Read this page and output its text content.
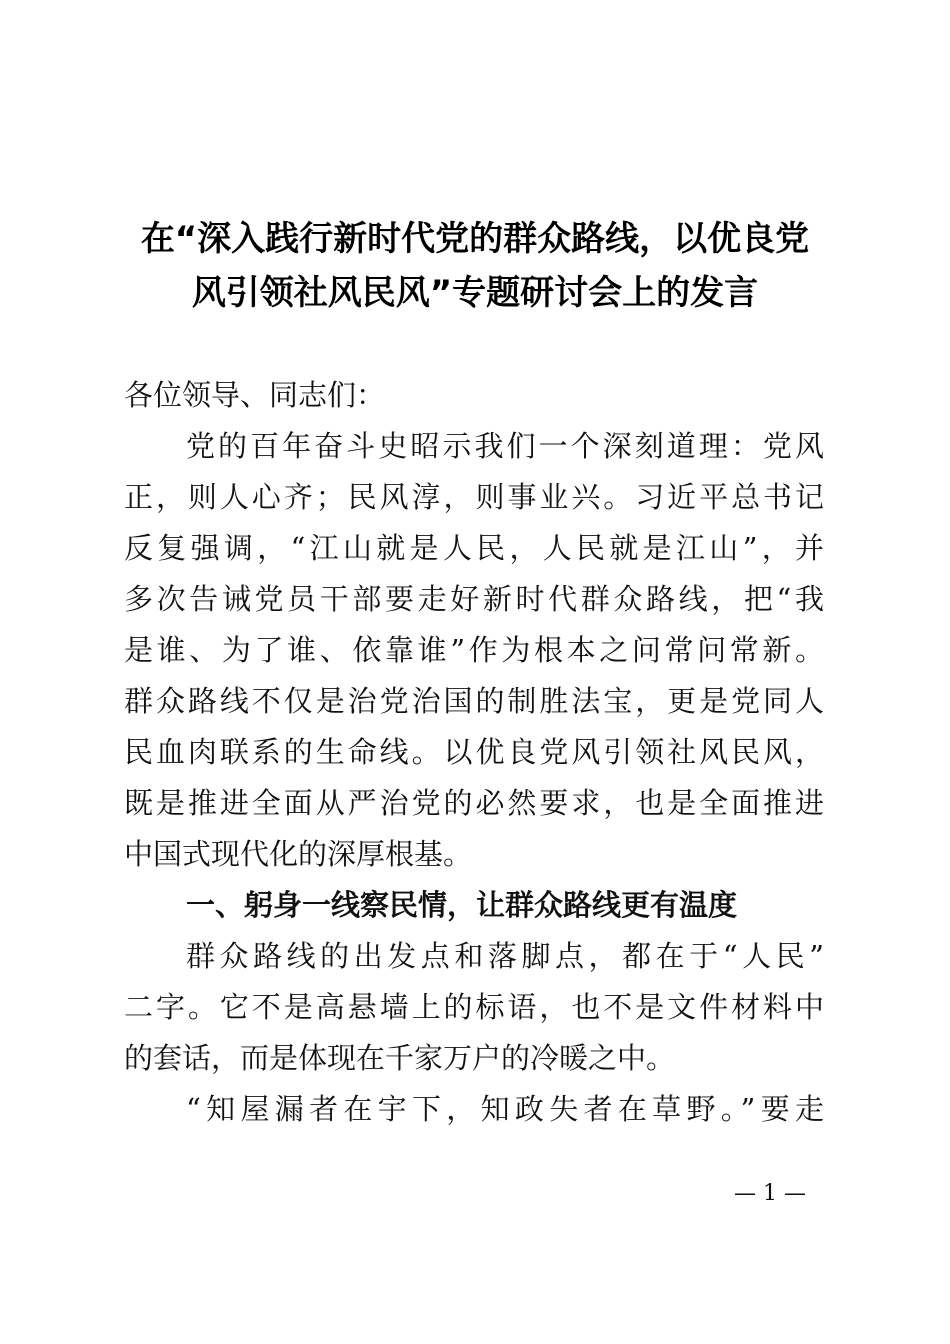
在“深入践行新时代党的群众路线，以优良党
风引领社风民风”专题研讨会上的发言
各位领导、同志们：
党的百年奋斗史昭示我们一个深刻道理：党风
正，则人心齐；民风淳，则事业兴。习近平总书记
反复强调，“江山就是人民，人民就是江山”，并
多次告诫党员干部要走好新时代群众路线，把“我
是谁、为了谁、依靠谁”作为根本之问常问常新。
群众路线不仅是治党治国的制胜法宝，更是党同人
民血肉联系的生命线。以优良党风引领社风民风，
既是推进全面从严治党的必然要求，也是全面推进
中国式现代化的深厚根基。
一、躬身一线察民情，让群众路线更有温度
群众路线的出发点和落脚点，都在于“人民”
二字。它不是高悬墙上的标语，也不是文件材料中
的套话，而是体现在千家万户的冷暖之中。
“知屋漏者在宇下，知政失者在草野。”要走
— 1 —
